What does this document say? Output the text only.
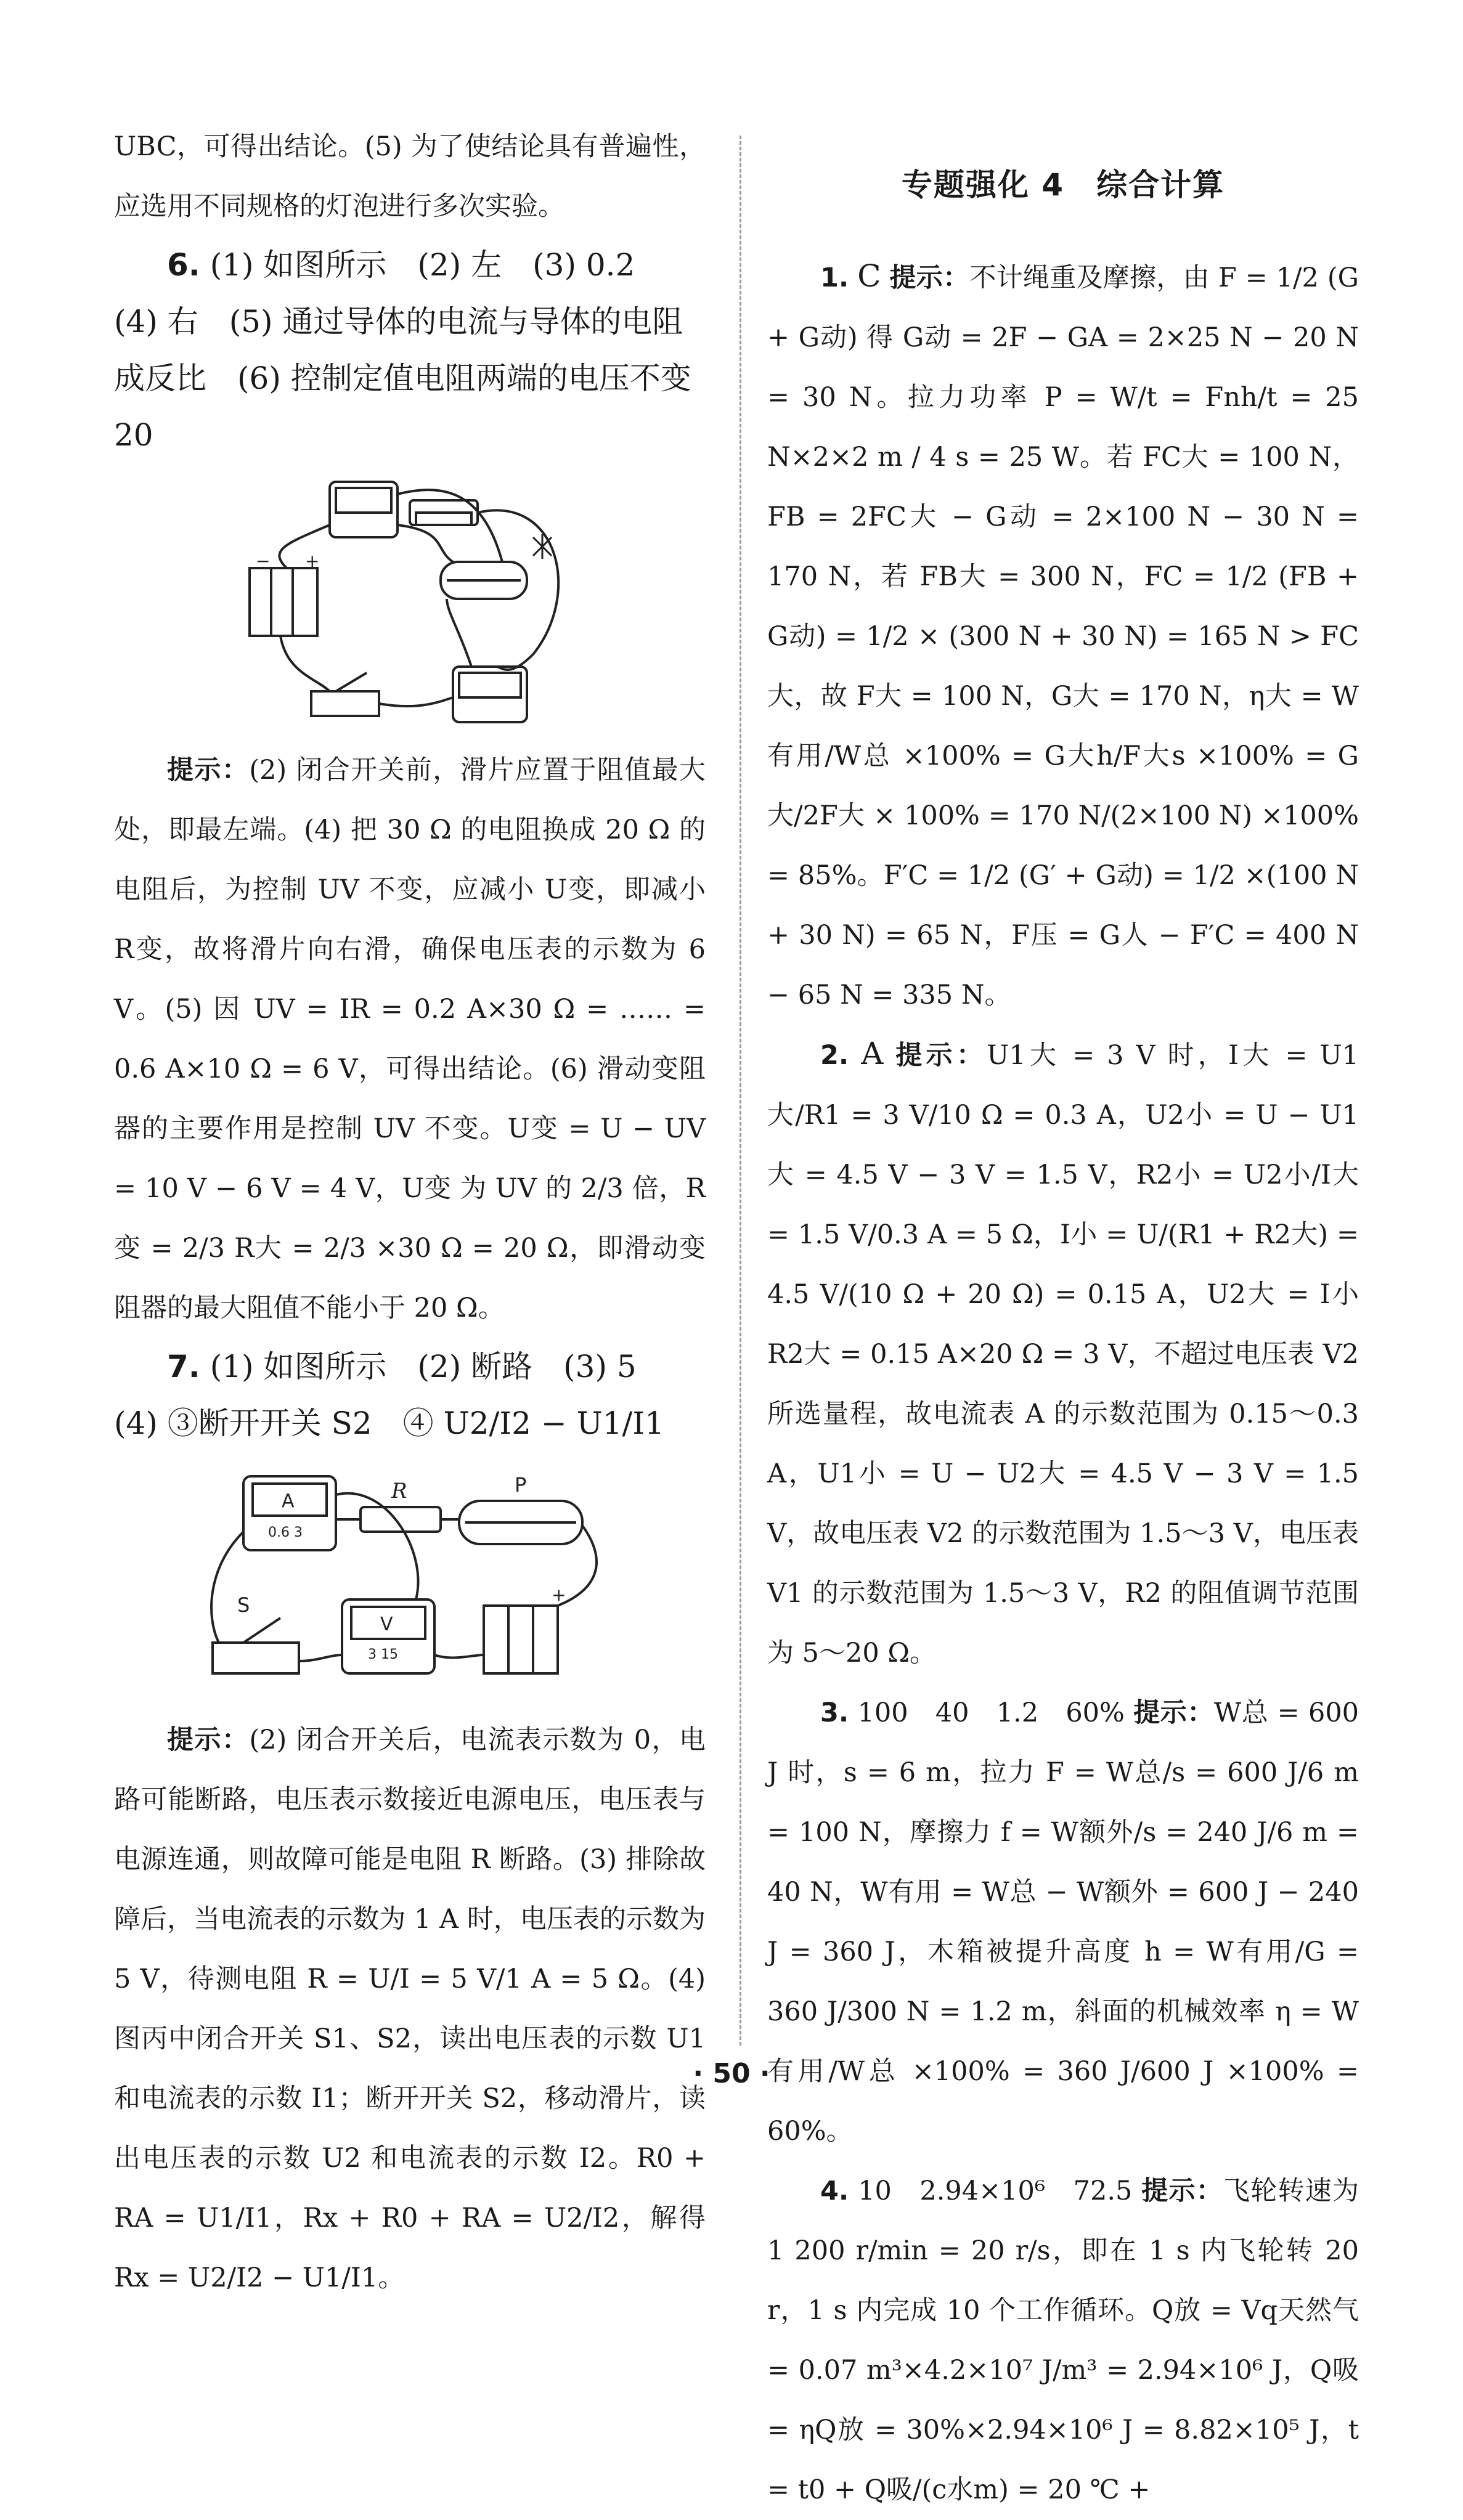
UBC，可得出结论。(5) 为了使结论具有普遍性，应选用不同规格的灯泡进行多次实验。

6. (1) 如图所示　(2) 左　(3) 0.2　(4) 右　(5) 通过导体的电流与导体的电阻成反比　(6) 控制定值电阻两端的电压不变　20

− +

提示：(2) 闭合开关前，滑片应置于阻值最大处，即最左端。(4) 把 30 Ω 的电阻换成 20 Ω 的电阻后，为控制 UV 不变，应减小 U变，即减小 R变，故将滑片向右滑，确保电压表的示数为 6 V。(5) 因 UV = IR = 0.2 A×30 Ω = …… = 0.6 A×10 Ω = 6 V，可得出结论。(6) 滑动变阻器的主要作用是控制 UV 不变。U变 = U − UV = 10 V − 6 V = 4 V，U变 为 UV 的 2/3 倍，R变 = 2/3 R大 = 2/3 ×30 Ω = 20 Ω，即滑动变阻器的最大阻值不能小于 20 Ω。

7. (1) 如图所示　(2) 断路　(3) 5　(4) ③断开开关 S2　④ U2/I2 − U1/I1

A
0.6 3
R	P
S
V
3 15
+

提示：(2) 闭合开关后，电流表示数为 0，电路可能断路，电压表示数接近电源电压，电压表与电源连通，则故障可能是电阻 R 断路。(3) 排除故障后，当电流表的示数为 1 A 时，电压表的示数为 5 V，待测电阻 R = U/I = 5 V/1 A = 5 Ω。(4) 图丙中闭合开关 S1、S2，读出电压表的示数 U1 和电流表的示数 I1；断开开关 S2，移动滑片，读出电压表的示数 U2 和电流表的示数 I2。R0 + RA = U1/I1，Rx + R0 + RA = U2/I2，解得 Rx = U2/I2 − U1/I1。

专题强化 4　综合计算

1. C 提示：不计绳重及摩擦，由 F = 1/2 (G + G动) 得 G动 = 2F − GA = 2×25 N − 20 N = 30 N。拉力功率 P = W/t = Fnh/t = 25 N×2×2 m / 4 s = 25 W。若 FC大 = 100 N，FB = 2FC大 − G动 = 2×100 N − 30 N = 170 N，若 FB大 = 300 N，FC = 1/2 (FB + G动) = 1/2 × (300 N + 30 N) = 165 N > FC大，故 F大 = 100 N，G大 = 170 N，η大 = W有用/W总 ×100% = G大h/F大s ×100% = G大/2F大 × 100% = 170 N/(2×100 N) ×100% = 85%。F′C = 1/2 (G′ + G动) = 1/2 ×(100 N + 30 N) = 65 N，F压 = G人 − F′C = 400 N − 65 N = 335 N。

2. A 提示：U1大 = 3 V 时，I大 = U1大/R1 = 3 V/10 Ω = 0.3 A，U2小 = U − U1大 = 4.5 V − 3 V = 1.5 V，R2小 = U2小/I大 = 1.5 V/0.3 A = 5 Ω，I小 = U/(R1 + R2大) = 4.5 V/(10 Ω + 20 Ω) = 0.15 A，U2大 = I小R2大 = 0.15 A×20 Ω = 3 V，不超过电压表 V2 所选量程，故电流表 A 的示数范围为 0.15～0.3 A，U1小 = U − U2大 = 4.5 V − 3 V = 1.5 V，故电压表 V2 的示数范围为 1.5～3 V，电压表 V1 的示数范围为 1.5～3 V，R2 的阻值调节范围为 5～20 Ω。

3. 100　40　1.2　60% 提示：W总 = 600 J 时，s = 6 m，拉力 F = W总/s = 600 J/6 m = 100 N，摩擦力 f = W额外/s = 240 J/6 m = 40 N，W有用 = W总 − W额外 = 600 J − 240 J = 360 J，木箱被提升高度 h = W有用/G = 360 J/300 N = 1.2 m，斜面的机械效率 η = W有用/W总 ×100% = 360 J/600 J ×100% = 60%。

4. 10　2.94×10⁶　72.5 提示：飞轮转速为 1 200 r/min = 20 r/s，即在 1 s 内飞轮转 20 r，1 s 内完成 10 个工作循环。Q放 = Vq天然气 = 0.07 m³×4.2×10⁷ J/m³ = 2.94×10⁶ J，Q吸 = ηQ放 = 30%×2.94×10⁶ J = 8.82×10⁵ J，t = t0 + Q吸/(c水m) = 20 ℃ +

· 50 ·
